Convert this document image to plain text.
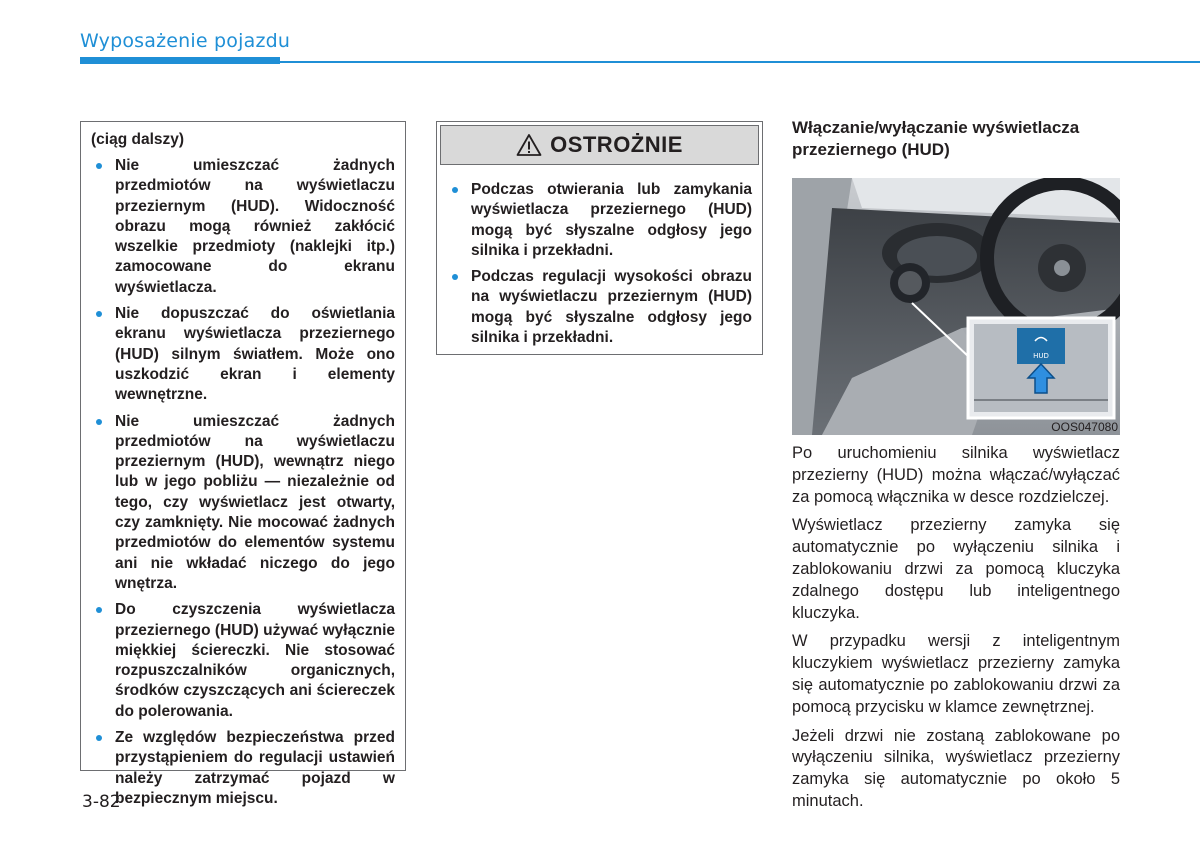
Wyposażenie pojazdu
(ciąg dalszy)
Nie umieszczać żadnych przedmiotów na wyświetlaczu przeziernym (HUD). Widoczność obrazu mogą również zakłócić wszelkie przedmioty (naklejki itp.) zamocowane do ekranu wyświetlacza.
Nie dopuszczać do oświetlania ekranu wyświetlacza przeziernego (HUD) silnym światłem. Może ono uszkodzić ekran i elementy wewnętrzne.
Nie umieszczać żadnych przedmiotów na wyświetlaczu przeziernym (HUD), wewnątrz niego lub w jego pobliżu — niezależnie od tego, czy wyświetlacz jest otwarty, czy zamknięty. Nie mocować żadnych przedmiotów do elementów systemu ani nie wkładać niczego do jego wnętrza.
Do czyszczenia wyświetlacza przeziernego (HUD) używać wyłącznie miękkiej ściereczki. Nie stosować rozpuszczalników organicznych, środków czyszczących ani ściereczek do polerowania.
Ze względów bezpieczeństwa przed przystąpieniem do regulacji ustawień należy zatrzymać pojazd w bezpiecznym miejscu.
OSTROŻNIE
Podczas otwierania lub zamykania wyświetlacza przeziernego (HUD) mogą być słyszalne odgłosy jego silnika i przekładni.
Podczas regulacji wysokości obrazu na wyświetlaczu przeziernym (HUD) mogą być słyszalne odgłosy jego silnika i przekładni.
Włączanie/wyłączanie wyświetlacza przeziernego (HUD)
HUD
OOS047080

Po uruchomieniu silnika wyświetlacz przezierny (HUD) można włączać/wyłączać za pomocą włącznika w desce rozdzielczej.

Wyświetlacz przezierny zamyka się automatycznie po wyłączeniu silnika i zablokowaniu drzwi za pomocą kluczyka zdalnego dostępu lub inteligentnego kluczyka.

W przypadku wersji z inteligentnym kluczykiem wyświetlacz przezierny zamyka się automatycznie po zablokowaniu drzwi za pomocą przycisku w klamce zewnętrznej.

Jeżeli drzwi nie zostaną zablokowane po wyłączeniu silnika, wyświetlacz przezierny zamyka się automatycznie po około 5 minutach.

3-82
